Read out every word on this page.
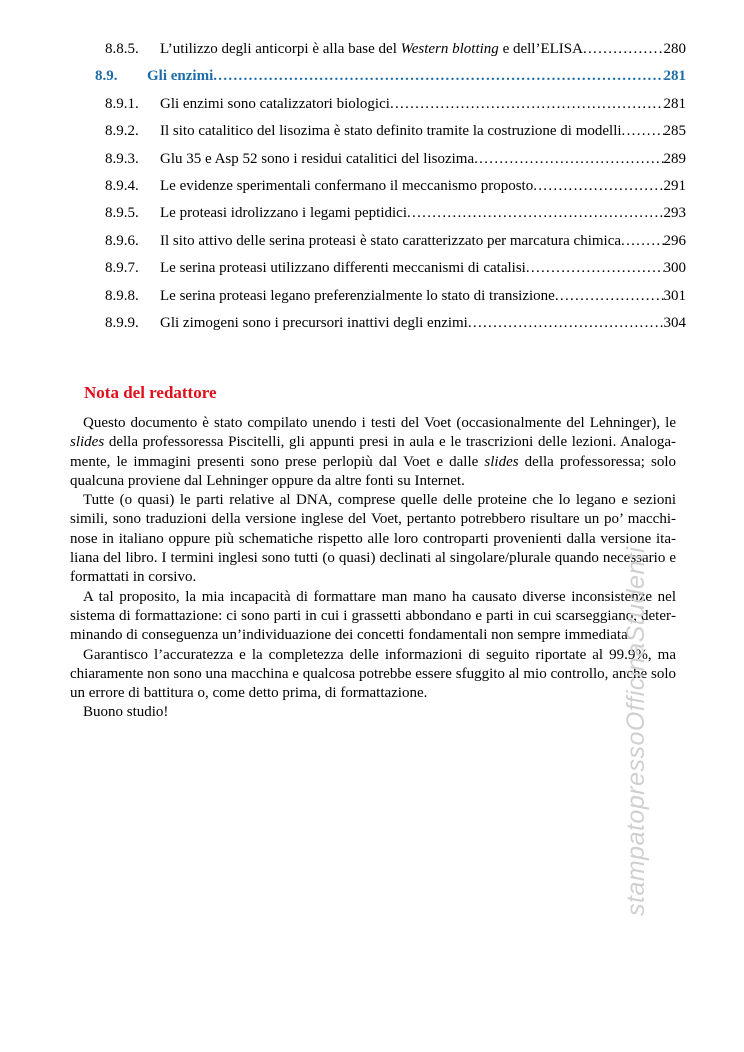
8.8.5.	L’utilizzo degli anticorpi è alla base del Western blotting e dell’ELISA .....	280
8.9.	Gli enzimi .....	281
8.9.1.	Gli enzimi sono catalizzatori biologici .....	281
8.9.2.	Il sito catalitico del lisozima è stato definito tramite la costruzione di modelli .....	285
8.9.3.	Glu 35 e Asp 52 sono i residui catalitici del lisozima .....	289
8.9.4.	Le evidenze sperimentali confermano il meccanismo proposto .....	291
8.9.5.	Le proteasi idrolizzano i legami peptidici .....	293
8.9.6.	Il sito attivo delle serina proteasi è stato caratterizzato per marcatura chimica .....	296
8.9.7.	Le serina proteasi utilizzano differenti meccanismi di catalisi .....	300
8.9.8.	Le serina proteasi legano preferenzialmente lo stato di transizione .....	301
8.9.9.	Gli zimogeni sono i precursori inattivi degli enzimi .....	304
Nota del redattore

Questo documento è stato compilato unendo i testi del Voet (occasionalmente del Lehninger), le slides della professoressa Piscitelli, gli appunti presi in aula e le trascrizioni delle lezioni. Analogamente, le immagini presenti sono prese perlopiù dal Voet e dalle slides della professoressa; solo qualcuna proviene dal Lehninger oppure da altre fonti su Internet.

Tutte (o quasi) le parti relative al DNA, comprese quelle delle proteine che lo legano e sezioni simili, sono traduzioni della versione inglese del Voet, pertanto potrebbero risultare un po’ macchinose in italiano oppure più schematiche rispetto alle loro controparti provenienti dalla versione italiana del libro. I termini inglesi sono tutti (o quasi) declinati al singolare/plurale quando necessario e formattati in corsivo.

A tal proposito, la mia incapacità di formattare man mano ha causato diverse inconsistenze nel sistema di formattazione: ci sono parti in cui i grassetti abbondano e parti in cui scarseggiano, determinando di conseguenza un’individuazione dei concetti fondamentali non sempre immediata.

Garantisco l’accuratezza e la completezza delle informazioni di seguito riportate al 99.9%, ma chiaramente non sono una macchina e qualcosa potrebbe essere sfuggito al mio controllo, anche solo un errore di battitura o, come detto prima, di formattazione.

Buono studio!	stampatopressoOfficinaStudenti
